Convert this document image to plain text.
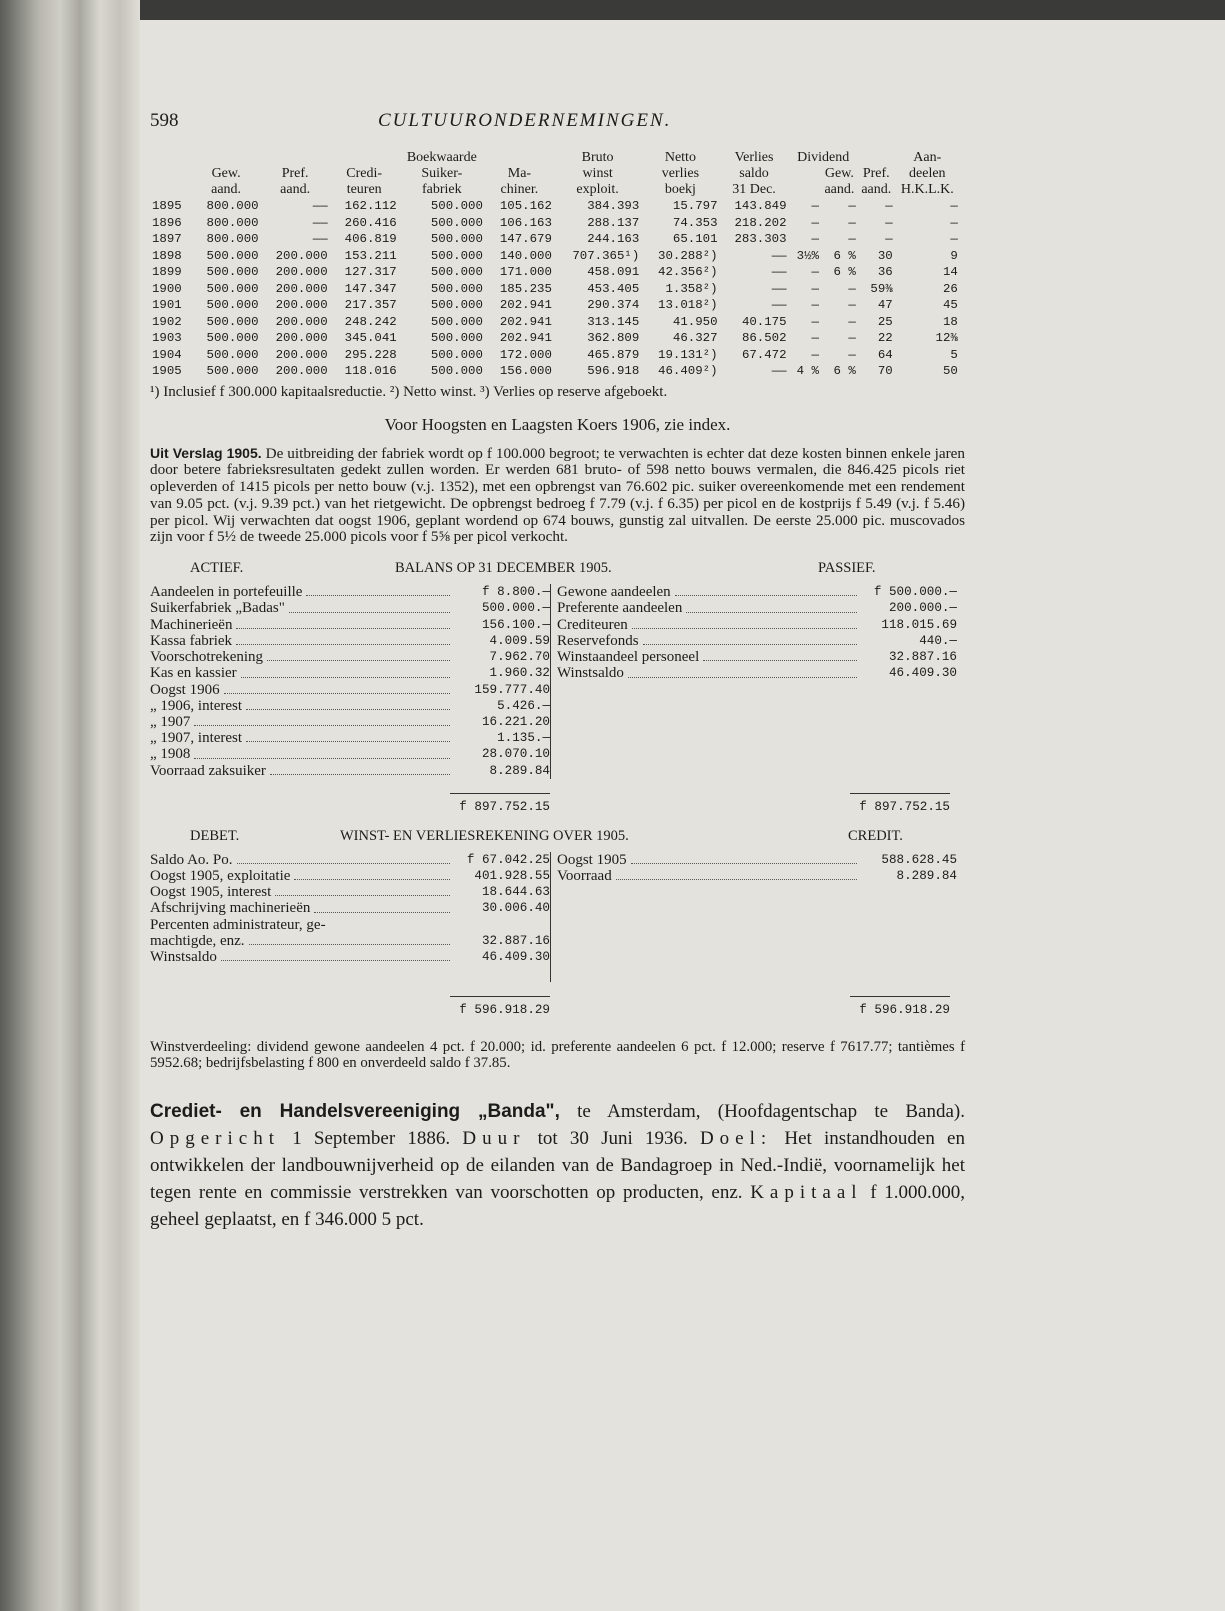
598	CULTUURONDERNEMINGEN.
				Boekwaarde		Bruto	Netto	Verlies	Dividend			Aan-	
	Gew.	Pref.	Credi-	Suiker-	Ma-	winst	verlies	saldo		Gew.	Pref.	deelen	
	aand.	aand.	teuren	fabriek	chiner.	exploit.	boekj	31 Dec.		aand.	aand.	H.K.L.K.	
1895	800.000	——	162.112	500.000	105.162	384.393	15.797	143.849	—	—	—	—	
1896	800.000	——	260.416	500.000	106.163	288.137	74.353	218.202	—	—	—	—	
1897	800.000	——	406.819	500.000	147.679	244.163	65.101	283.303	—	—	—	—	
1898	500.000	200.000	153.211	500.000	140.000	707.365¹)	30.288²)	——	3½%	6 %	30	9	
1899	500.000	200.000	127.317	500.000	171.000	458.091	42.356²)	——	—	6 %	36	14	
1900	500.000	200.000	147.347	500.000	185.235	453.405	1.358²)	——	—	—	59⅜	26	
1901	500.000	200.000	217.357	500.000	202.941	290.374	13.018²)	——	—	—	47	45	
1902	500.000	200.000	248.242	500.000	202.941	313.145	41.950	40.175	—	—	25	18	
1903	500.000	200.000	345.041	500.000	202.941	362.809	46.327	86.502	—	—	22	12⅜	
1904	500.000	200.000	295.228	500.000	172.000	465.879	19.131²)	67.472	—	—	64	5	
1905	500.000	200.000	118.016	500.000	156.000	596.918	46.409²)	——	4 %	6 %	70	50	
¹) Inclusief f 300.000 kapitaalsreductie. ²) Netto winst. ³) Verlies op reserve afgeboekt.
Voor Hoogsten en Laagsten Koers 1906, zie index.
Uit Verslag 1905. De uitbreiding der fabriek wordt op f 100.000 begroot; te verwachten is echter dat deze kosten binnen enkele jaren door betere fabrieksresultaten gedekt zullen worden. Er werden 681 bruto- of 598 netto bouws vermalen, die 846.425 picols riet opleverden of 1415 picols per netto bouw (v.j. 1352), met een opbrengst van 76.602 pic. suiker overeenkomende met een rendement van 9.05 pct. (v.j. 9.39 pct.) van het rietgewicht. De opbrengst bedroeg f 7.79 (v.j. f 6.35) per picol en de kostprijs f 5.49 (v.j. f 5.46) per picol. Wij verwachten dat oogst 1906, geplant wordend op 674 bouws, gunstig zal uitvallen. De eerste 25.000 pic. muscovados zijn voor f 5½ de tweede 25.000 picols voor f 5⅝ per picol verkocht.
ACTIEF.	BALANS OP 31 DECEMBER 1905.	PASSIEF.
Aandeelen in portefeuille	f 8.800.—
Suikerfabriek „Badas"	500.000.—
Machinerieën	156.100.—
Kassa fabriek	4.009.59
Voorschotrekening	7.962.70
Kas en kassier	1.960.32
Oogst 1906	159.777.40
„ 1906, interest	5.426.—
„ 1907	16.221.20
„ 1907, interest	1.135.—
„ 1908	28.070.10
Voorraad zaksuiker	8.289.84
Gewone aandeelen	f 500.000.—
Preferente aandeelen	200.000.—
Crediteuren	118.015.69
Reservefonds	440.—
Winstaandeel personeel	32.887.16
Winstsaldo	46.409.30
f 897.752.15	f 897.752.15
DEBET.	WINST- EN VERLIESREKENING OVER 1905.	CREDIT.
Saldo Ao. Po.	f 67.042.25
Oogst 1905, exploitatie	401.928.55
Oogst 1905, interest	18.644.63
Afschrijving machinerieën	30.006.40
Percenten administrateur, ge-
machtigde, enz.	32.887.16
Winstsaldo	46.409.30
Oogst 1905	588.628.45
Voorraad	8.289.84
f 596.918.29	f 596.918.29
Winstverdeeling: dividend gewone aandeelen 4 pct. f 20.000; id. preferente aandeelen 6 pct. f 12.000; reserve f 7617.77; tantièmes f 5952.68; bedrijfsbelasting f 800 en onverdeeld saldo f 37.85.
Crediet- en Handelsvereeniging „Banda", te Amsterdam, (Hoofdagentschap te Banda). Opgericht 1 September 1886. Duur tot 30 Juni 1936. Doel: Het instandhouden en ontwikkelen der landbouwnijverheid op de eilanden van de Bandagroep in Ned.-Indië, voornamelijk het tegen rente en commissie verstrekken van voorschotten op producten, enz. Kapitaal f 1.000.000, geheel geplaatst, en f 346.000 5 pct.
